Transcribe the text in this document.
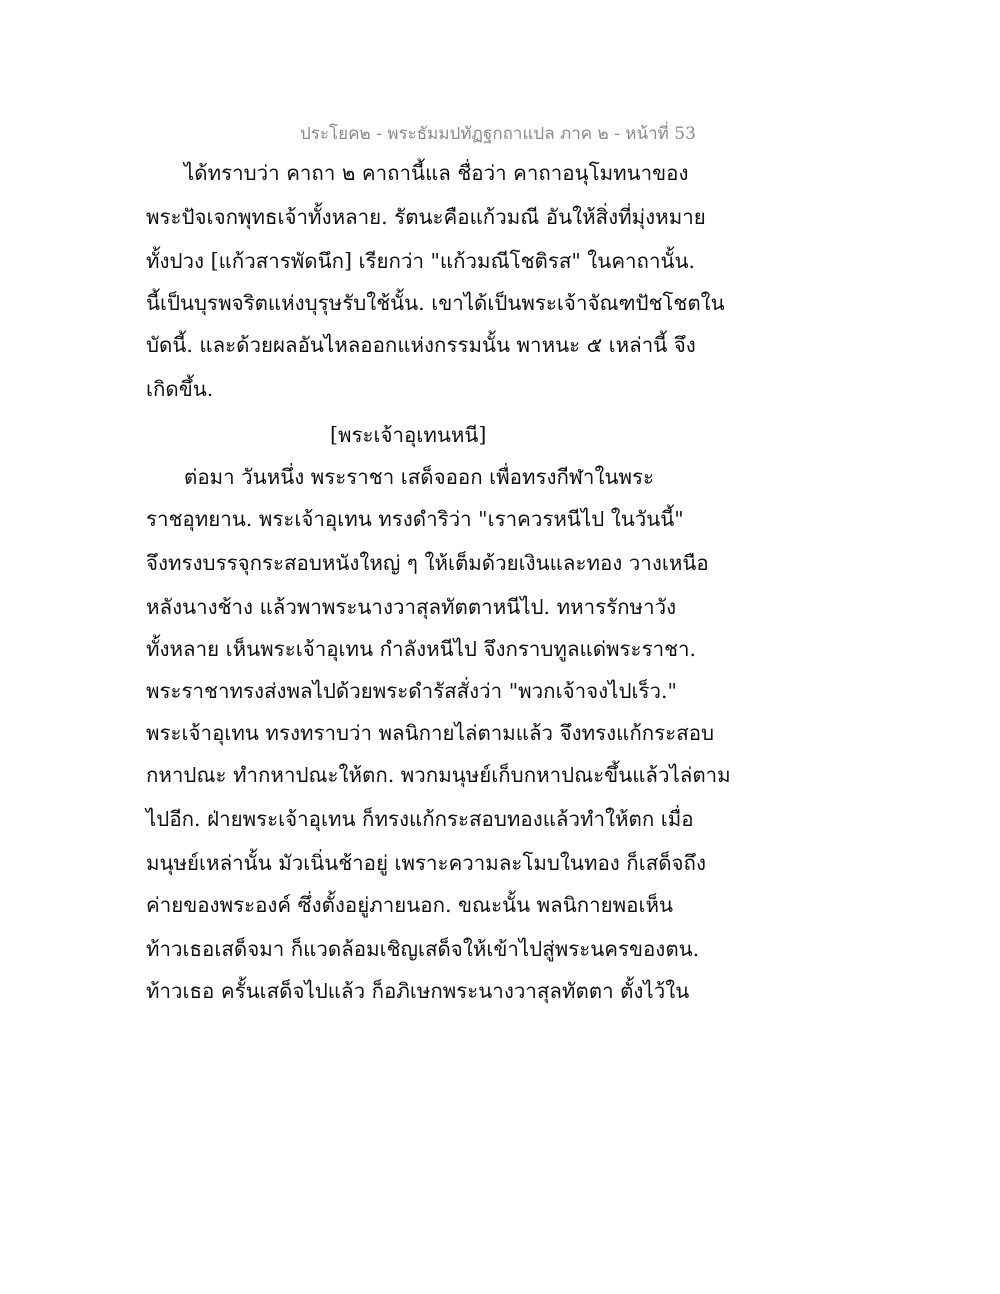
ประโยค๒ - พระธัมมปทัฏฐกถาแปล ภาค ๒ - หน้าที่ 53
ได้ทราบว่า คาถา ๒ คาถานี้แล ชื่อว่า คาถาอนุโมทนาของ
พระปัจเจกพุทธเจ้าทั้งหลาย. รัตนะคือแก้วมณี อันให้สิ่งที่มุ่งหมาย
ทั้งปวง [แก้วสารพัดนึก] เรียกว่า "แก้วมณีโชติรส" ในคาถานั้น.
นี้เป็นบุรพจริตแห่งบุรุษรับใช้นั้น. เขาได้เป็นพระเจ้าจัณฑปัชโชตใน
บัดนี้. และด้วยผลอันไหลออกแห่งกรรมนั้น พาหนะ ๕ เหล่านี้ จึง
เกิดขึ้น.
[พระเจ้าอุเทนหนี]
ต่อมา วันหนึ่ง พระราชา เสด็จออก เพื่อทรงกีฬาในพระ
ราชอุทยาน. พระเจ้าอุเทน ทรงดำริว่า "เราควรหนีไป ในวันนี้"
จึงทรงบรรจุกระสอบหนังใหญ่ ๆ ให้เต็มด้วยเงินและทอง วางเหนือ
หลังนางช้าง แล้วพาพระนางวาสุลทัตตาหนีไป. ทหารรักษาวัง
ทั้งหลาย เห็นพระเจ้าอุเทน กำลังหนีไป จึงกราบทูลแด่พระราชา.
พระราชาทรงส่งพลไปด้วยพระดำรัสสั่งว่า "พวกเจ้าจงไปเร็ว."
พระเจ้าอุเทน ทรงทราบว่า พลนิกายไล่ตามแล้ว จึงทรงแก้กระสอบ
กหาปณะ ทำกหาปณะให้ตก. พวกมนุษย์เก็บกหาปณะขึ้นแล้วไล่ตาม
ไปอีก. ฝ่ายพระเจ้าอุเทน ก็ทรงแก้กระสอบทองแล้วทำให้ตก เมื่อ
มนุษย์เหล่านั้น มัวเนิ่นช้าอยู่ เพราะความละโมบในทอง ก็เสด็จถึง
ค่ายของพระองค์ ซึ่งตั้งอยู่ภายนอก. ขณะนั้น พลนิกายพอเห็น
ท้าวเธอเสด็จมา ก็แวดล้อมเชิญเสด็จให้เข้าไปสู่พระนครของตน.
ท้าวเธอ ครั้นเสด็จไปแล้ว ก็อภิเษกพระนางวาสุลทัตตา ตั้งไว้ใน
